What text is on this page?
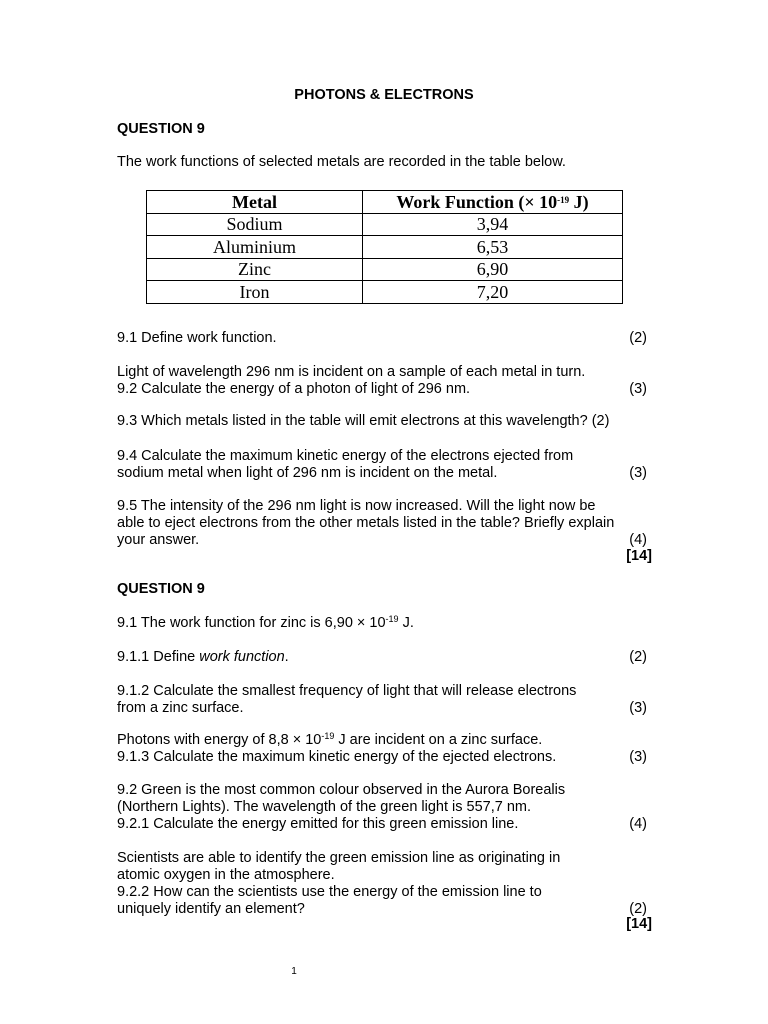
PHOTONS & ELECTRONS
QUESTION 9
The work functions of selected metals are recorded in the table below.
Metal	Work Function (× $10^{-19}$ J)
Sodium	3,94
Aluminium	6,53
Zinc	6,90
Iron	7,20
9.1 Define work function.	(2)
Light of wavelength 296 nm is incident on a sample of each metal in turn.
9.2 Calculate the energy of a photon of light of 296 nm.	(3)
9.3 Which metals listed in the table will emit electrons at this wavelength? (2)
9.4 Calculate the maximum kinetic energy of the electrons ejected from
sodium metal when light of 296 nm is incident on the metal.	(3)
9.5 The intensity of the 296 nm light is now increased. Will the light now be
able to eject electrons from the other metals listed in the table? Briefly explain
your answer.	(4)
[14]
QUESTION 9
9.1 The work function for zinc is $6,90 \times 10^{-19}$ J.
9.1.1 Define work function.	(2)
9.1.2 Calculate the smallest frequency of light that will release electrons
from a zinc surface.	(3)
Photons with energy of $8,8 \times 10^{-19}$ J are incident on a zinc surface.
9.1.3 Calculate the maximum kinetic energy of the ejected electrons.	(3)
9.2 Green is the most common colour observed in the Aurora Borealis
(Northern Lights). The wavelength of the green light is 557,7 nm.
9.2.1 Calculate the energy emitted for this green emission line.	(4)
Scientists are able to identify the green emission line as originating in
atomic oxygen in the atmosphere.
9.2.2 How can the scientists use the energy of the emission line to
uniquely identify an element?	(2)
[14]
1
